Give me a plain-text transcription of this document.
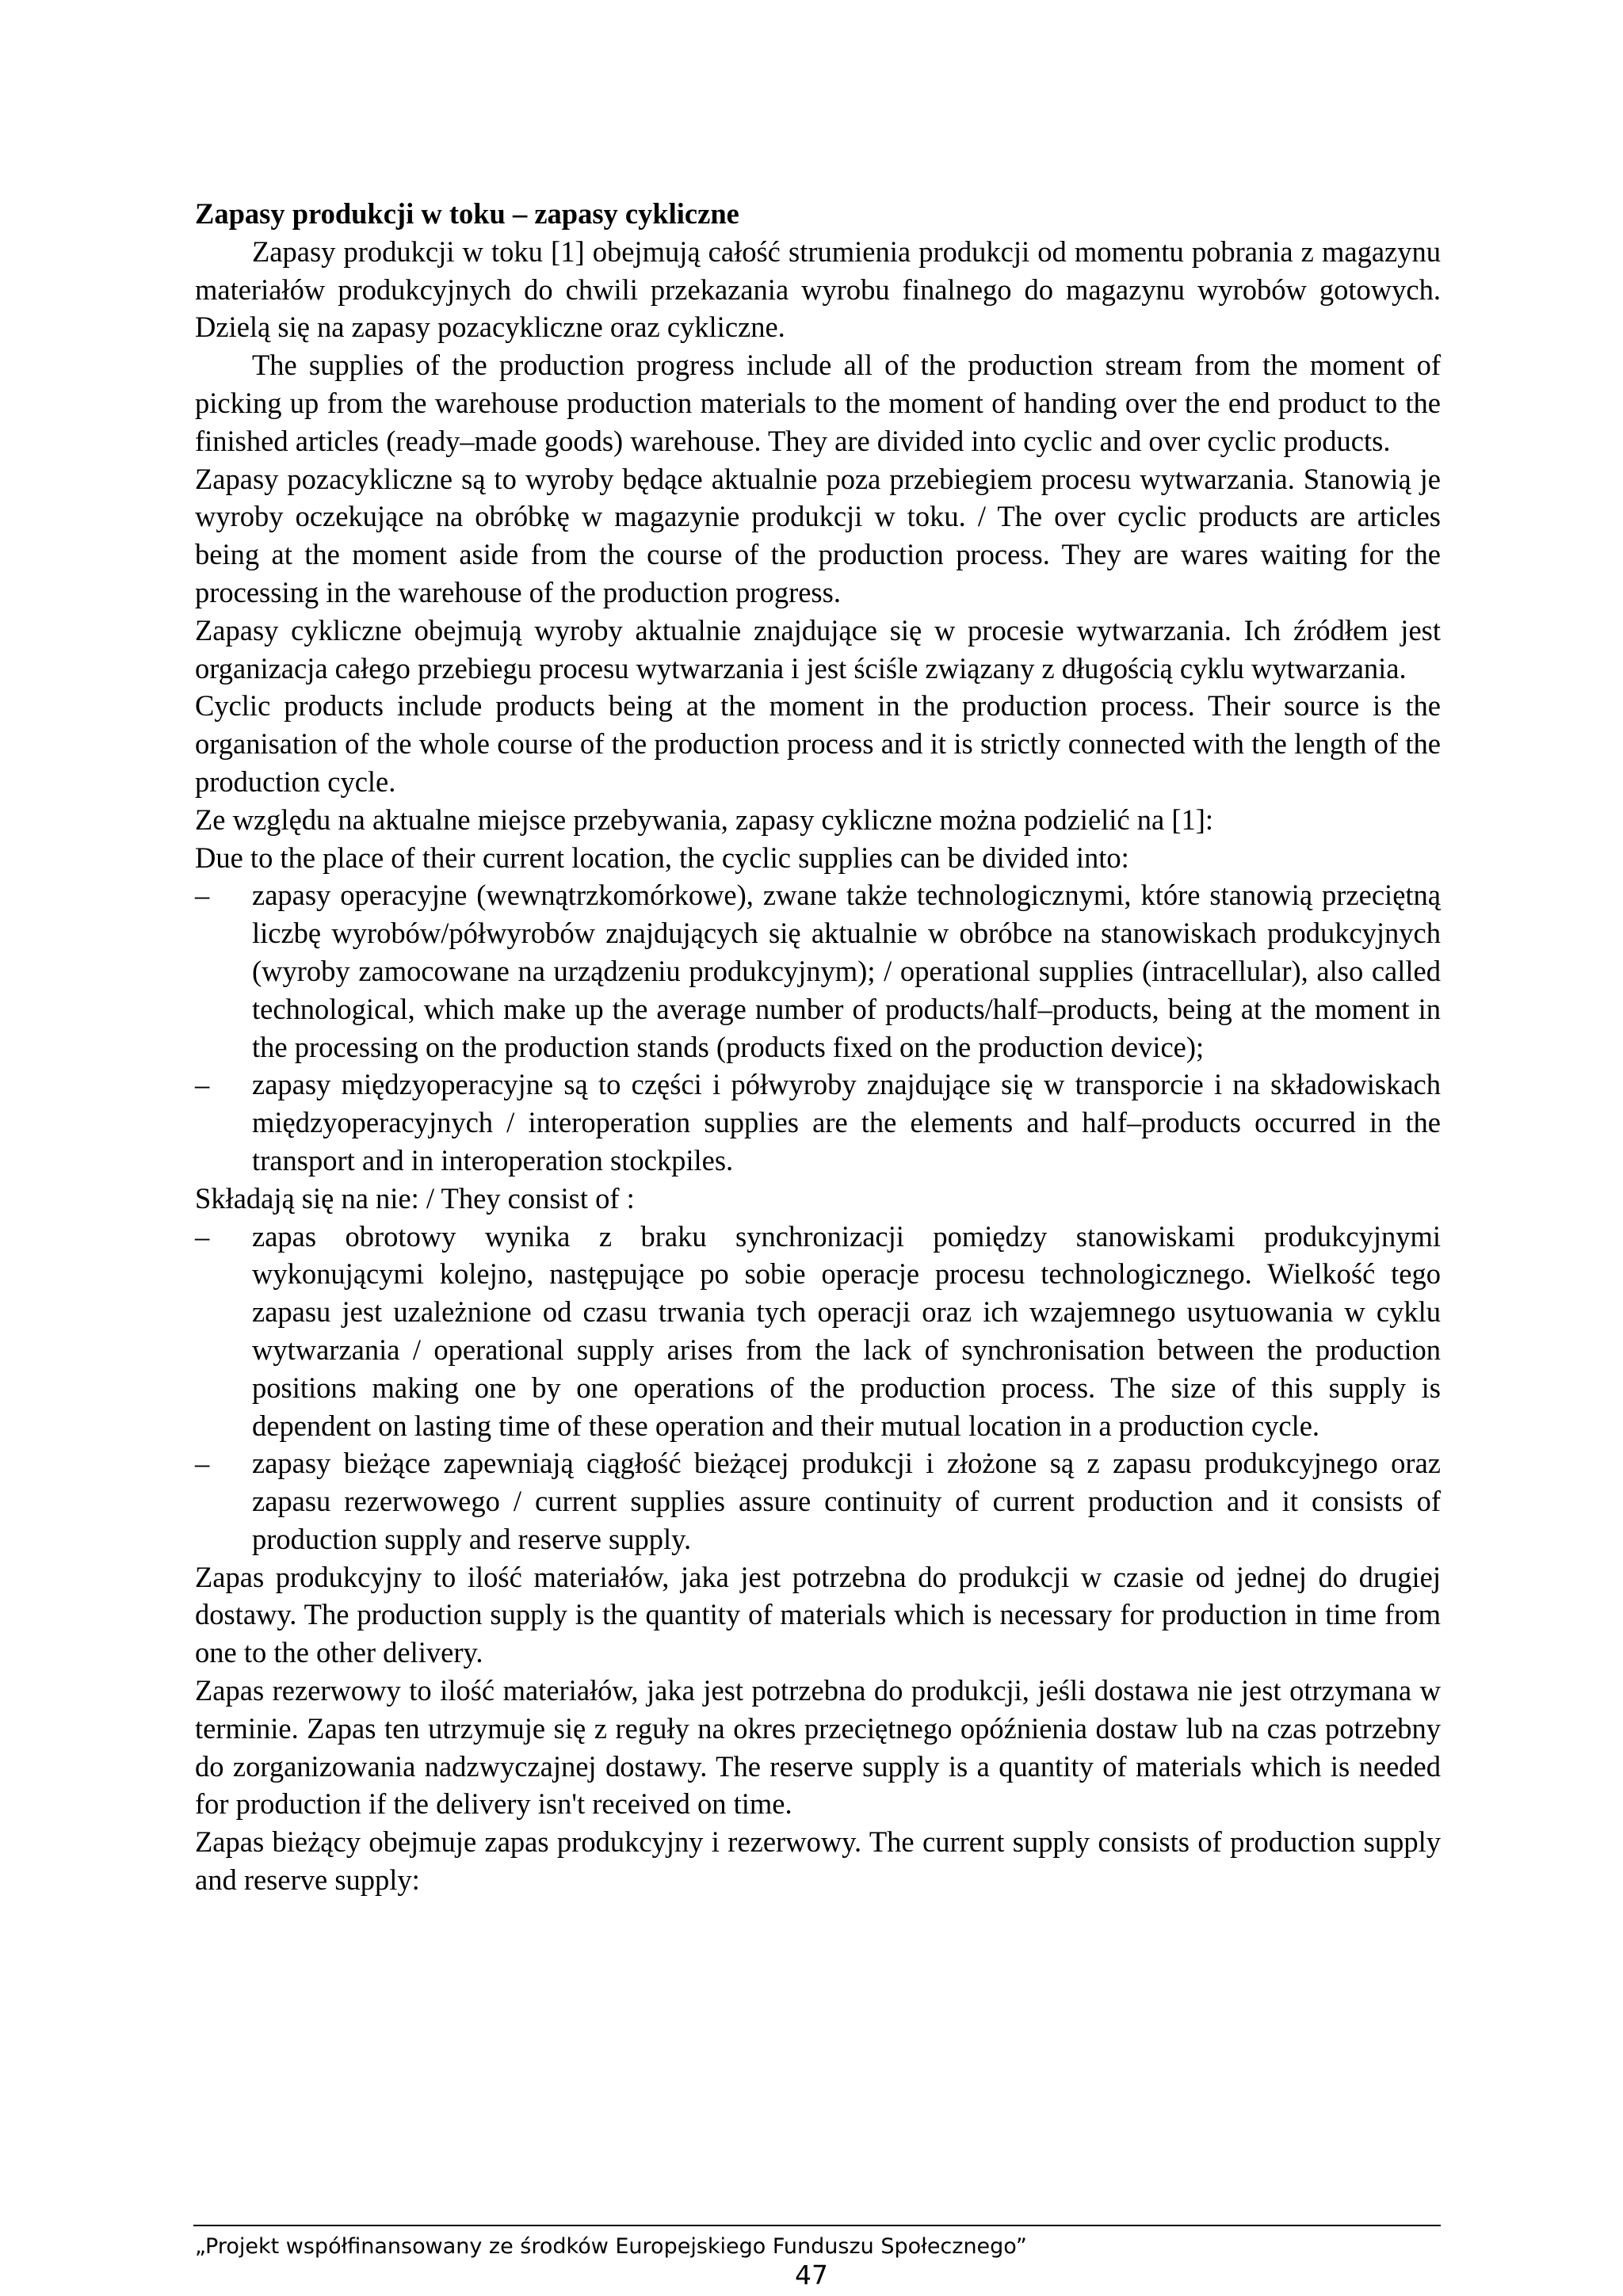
Zapasy produkcji w toku – zapasy cykliczne

Zapasy produkcji w toku [1] obejmują całość strumienia produkcji od momentu pobrania z magazynu materiałów produkcyjnych do chwili przekazania wyrobu finalnego do magazynu wyrobów gotowych. Dzielą się na zapasy pozacykliczne oraz cykliczne.

The supplies of the production progress include all of the production stream from the moment of picking up from the warehouse production materials to the moment of handing over the end product to the finished articles (ready–made goods) warehouse. They are divided into cyclic and over cyclic products.

Zapasy pozacykliczne są to wyroby będące aktualnie poza przebiegiem procesu wytwarzania. Stanowią je wyroby oczekujące na obróbkę w magazynie produkcji w toku. / The over cyclic products are articles being at the moment aside from the course of the production process. They are wares waiting for the processing in the warehouse of the production progress.

Zapasy cykliczne obejmują wyroby aktualnie znajdujące się w procesie wytwarzania. Ich źródłem jest organizacja całego przebiegu procesu wytwarzania i jest ściśle związany z długością cyklu wytwarzania.

Cyclic products include products being at the moment in the production process. Their source is the organisation of the whole course of the production process and it is strictly connected with the length of the production cycle.

Ze względu na aktualne miejsce przebywania, zapasy cykliczne można podzielić na [1]:

Due to the place of their current location, the cyclic supplies can be divided into:

– zapasy operacyjne (wewnątrzkomórkowe), zwane także technologicznymi, które stanowią przeciętną liczbę wyrobów/półwyrobów znajdujących się aktualnie w obróbce na stanowiskach produkcyjnych (wyroby zamocowane na urządzeniu produkcyjnym); / operational supplies (intracellular), also called technological, which make up the average number of products/half–products, being at the moment in the processing on the production stands (products fixed on the production device);
– zapasy międzyoperacyjne są to części i półwyroby znajdujące się w transporcie i na składowiskach międzyoperacyjnych / interoperation supplies are the elements and half–products occurred in the transport and in interoperation stockpiles.

Składają się na nie: / They consist of :

– zapas obrotowy wynika z braku synchronizacji pomiędzy stanowiskami produkcyjnymi wykonującymi kolejno, następujące po sobie operacje procesu technologicznego. Wielkość tego zapasu jest uzależnione od czasu trwania tych operacji oraz ich wzajemnego usytuowania w cyklu wytwarzania / operational supply arises from the lack of synchronisation between the production positions making one by one operations of the production process. The size of this supply is dependent on lasting time of these operation and their mutual location in a production cycle.
– zapasy bieżące zapewniają ciągłość bieżącej produkcji i złożone są z zapasu produkcyjnego oraz zapasu rezerwowego / current supplies assure continuity of current production and it consists of production supply and reserve supply.

Zapas produkcyjny to ilość materiałów, jaka jest potrzebna do produkcji w czasie od jednej do drugiej dostawy. The production supply is the quantity of materials which is necessary for production in time from one to the other delivery.

Zapas rezerwowy to ilość materiałów, jaka jest potrzebna do produkcji, jeśli dostawa nie jest otrzymana w terminie. Zapas ten utrzymuje się z reguły na okres przeciętnego opóźnienia dostaw lub na czas potrzebny do zorganizowania nadzwyczajnej dostawy. The reserve supply is a quantity of materials which is needed for production if the delivery isn't received on time.

Zapas bieżący obejmuje zapas produkcyjny i rezerwowy. The current supply consists of production supply and reserve supply:

„Projekt współfinansowany ze środków Europejskiego Funduszu Społecznego”
47
